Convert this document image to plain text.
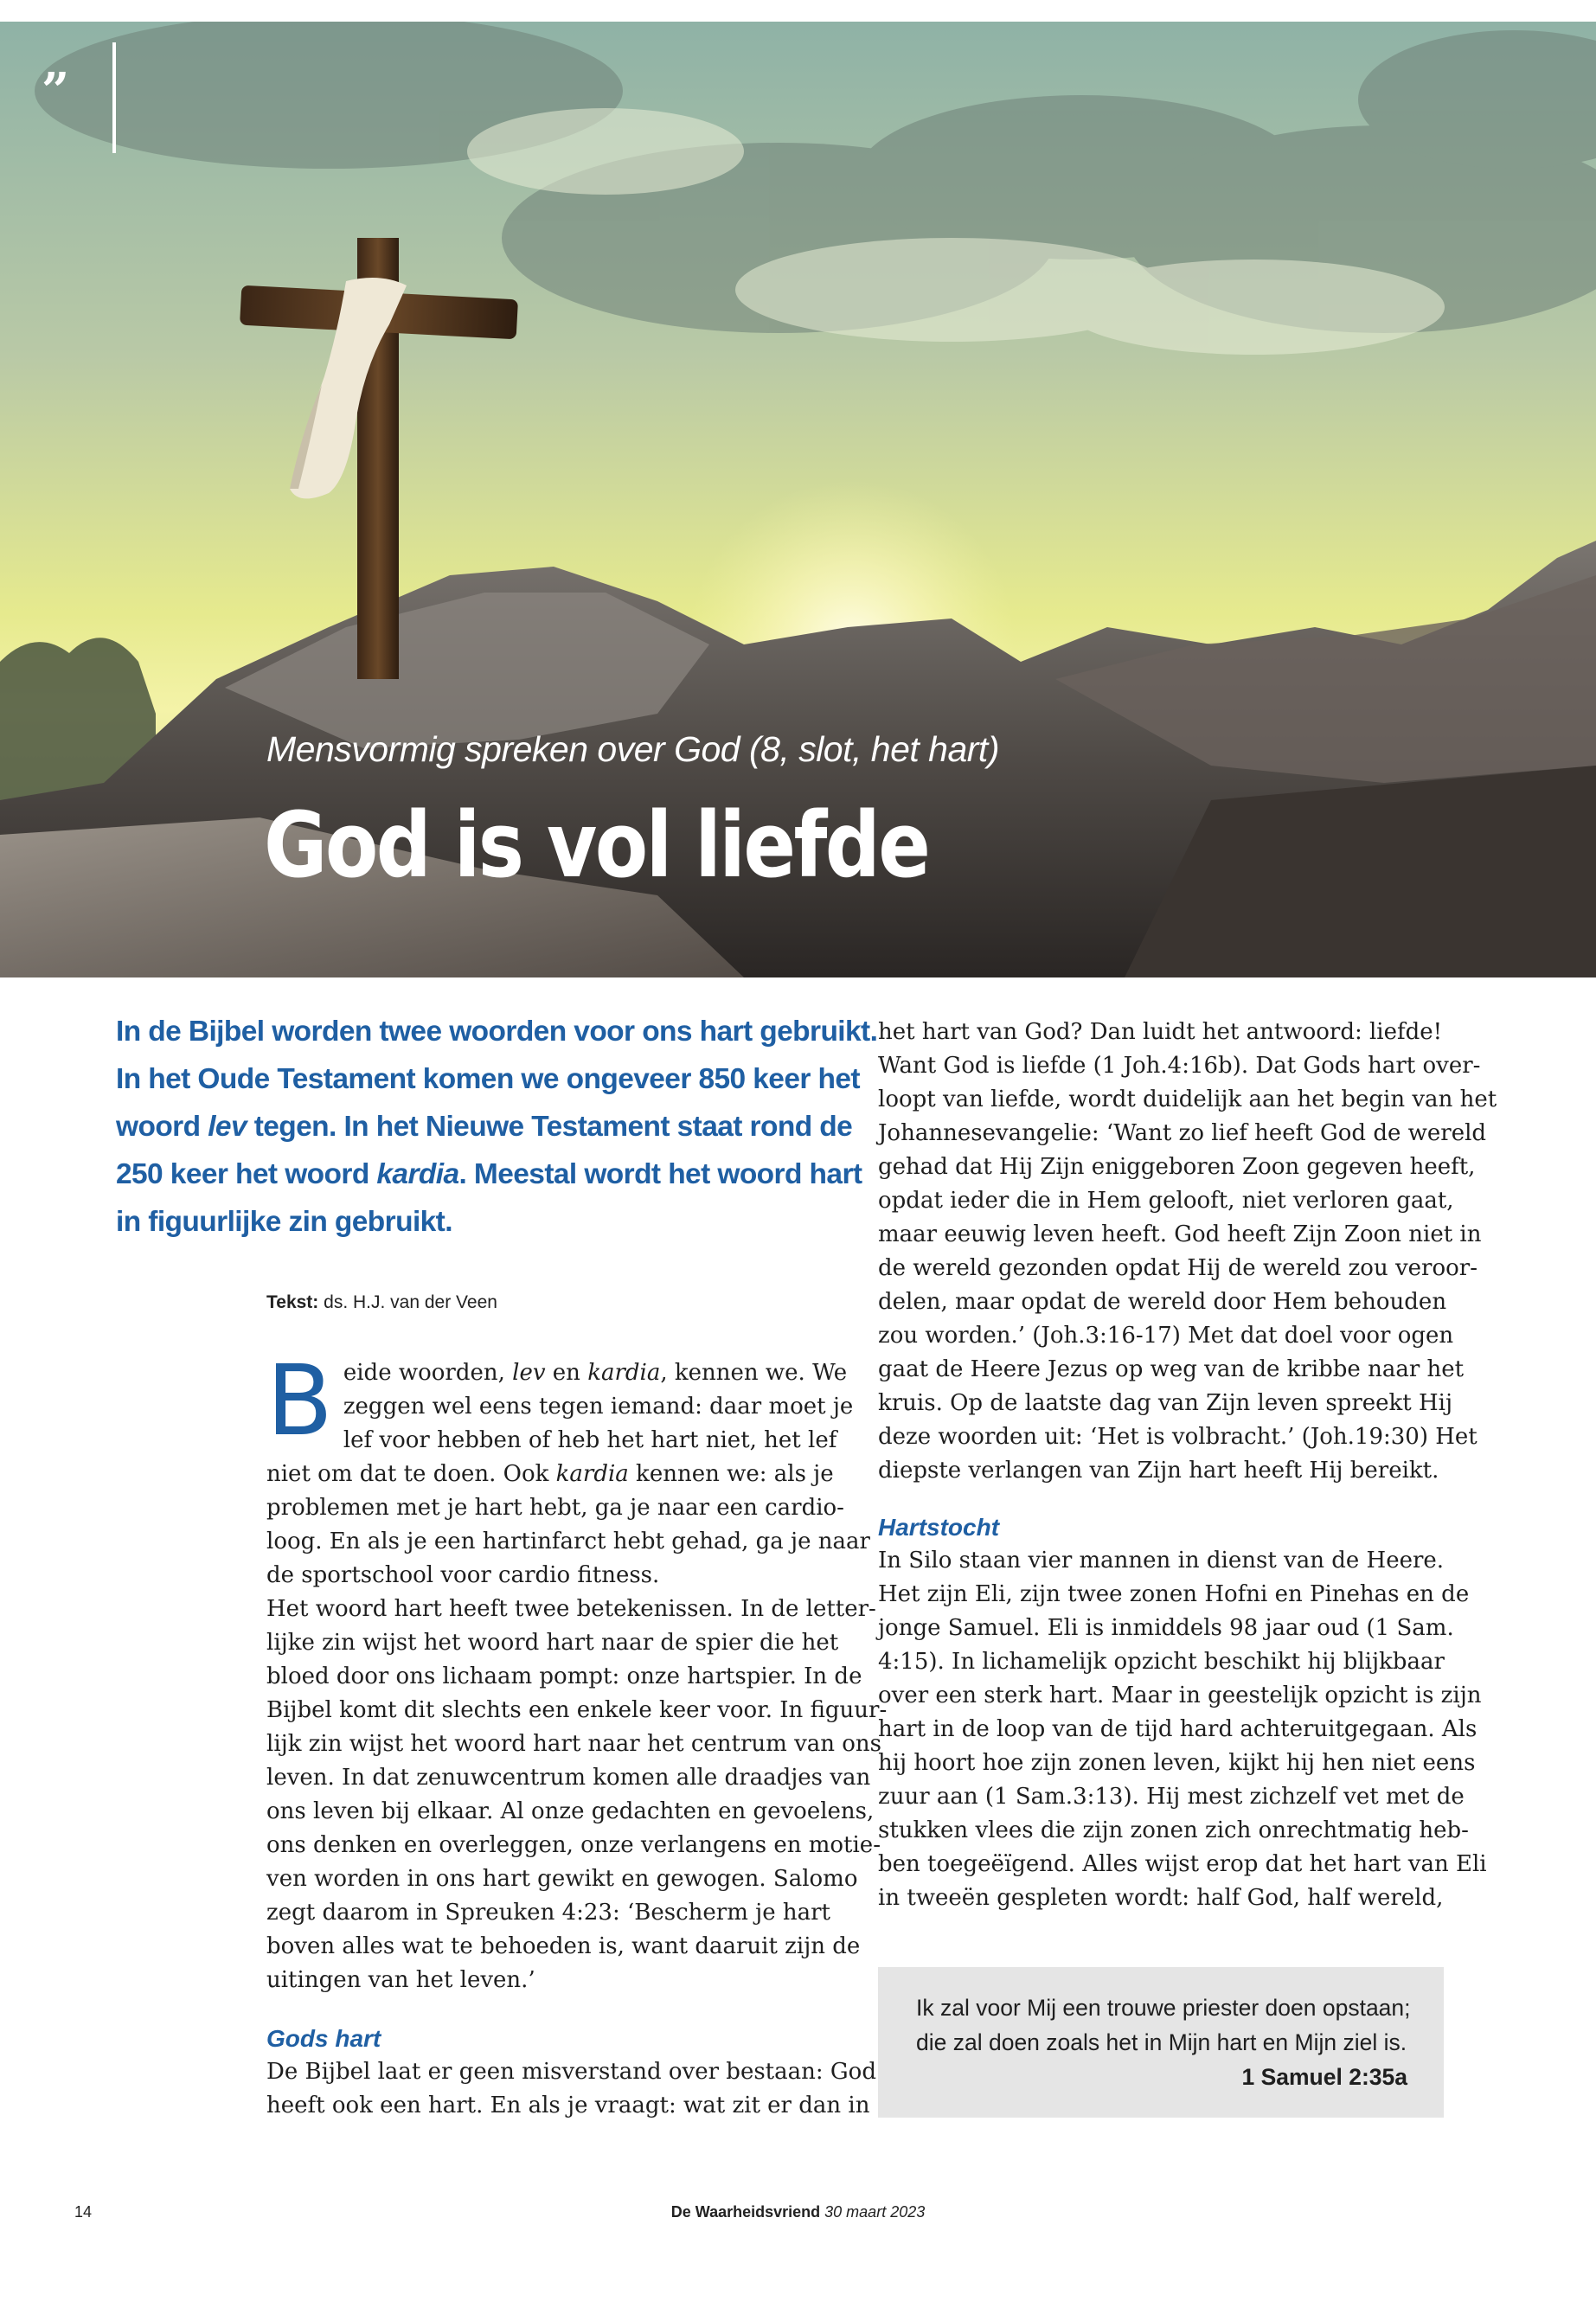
”
Mensvormig spreken over God (8, slot, het hart)
God is vol liefde

In de Bijbel worden twee woorden voor ons hart gebruikt.
In het Oude Testament komen we ongeveer 850 keer het
woord lev tegen. In het Nieuwe Testament staat rond de
250 keer het woord kardia. Meestal wordt het woord hart
in figuurlijke zin gebruikt.

Tekst: ds. H.J. van der Veen

B eide woorden, lev en kardia, kennen we. We
zeggen wel eens tegen iemand: daar moet je
lef voor hebben of heb het hart niet, het lef
niet om dat te doen. Ook kardia kennen we: als je
problemen met je hart hebt, ga je naar een cardio-
loog. En als je een hartinfarct hebt gehad, ga je naar
de sportschool voor cardio fitness.

Het woord hart heeft twee betekenissen. In de letter-
lijke zin wijst het woord hart naar de spier die het
bloed door ons lichaam pompt: onze hartspier. In de
Bijbel komt dit slechts een enkele keer voor. In figuur-
lijk zin wijst het woord hart naar het centrum van ons
leven. In dat zenuwcentrum komen alle draadjes van
ons leven bij elkaar. Al onze gedachten en gevoelens,
ons denken en overleggen, onze verlangens en motie-
ven worden in ons hart gewikt en gewogen. Salomo
zegt daarom in Spreuken 4:23: ‘Bescherm je hart
boven alles wat te behoeden is, want daaruit zijn de
uitingen van het leven.’

Gods hart

De Bijbel laat er geen misverstand over bestaan: God
heeft ook een hart. En als je vraagt: wat zit er dan in

het hart van God? Dan luidt het antwoord: liefde!
Want God is liefde (1 Joh.4:16b). Dat Gods hart over-
loopt van liefde, wordt duidelijk aan het begin van het
Johannesevangelie: ‘Want zo lief heeft God de wereld
gehad dat Hij Zijn eniggeboren Zoon gegeven heeft,
opdat ieder die in Hem gelooft, niet verloren gaat,
maar eeuwig leven heeft. God heeft Zijn Zoon niet in
de wereld gezonden opdat Hij de wereld zou veroor-
delen, maar opdat de wereld door Hem behouden
zou worden.’ (Joh.3:16-17) Met dat doel voor ogen
gaat de Heere Jezus op weg van de kribbe naar het
kruis. Op de laatste dag van Zijn leven spreekt Hij
deze woorden uit: ‘Het is volbracht.’ (Joh.19:30) Het
diepste verlangen van Zijn hart heeft Hij bereikt.

Hartstocht

In Silo staan vier mannen in dienst van de Heere.
Het zijn Eli, zijn twee zonen Hofni en Pinehas en de
jonge Samuel. Eli is inmiddels 98 jaar oud (1 Sam.
4:15). In lichamelijk opzicht beschikt hij blijkbaar
over een sterk hart. Maar in geestelijk opzicht is zijn
hart in de loop van de tijd hard achteruitgegaan. Als
hij hoort hoe zijn zonen leven, kijkt hij hen niet eens
zuur aan (1 Sam.3:13). Hij mest zichzelf vet met de
stukken vlees die zijn zonen zich onrechtmatig heb-
ben toegeëïgend. Alles wijst erop dat het hart van Eli
in tweeën gespleten wordt: half God, half wereld,

Ik zal voor Mij een trouwe priester doen opstaan;
die zal doen zoals het in Mijn hart en Mijn ziel is.
1 Samuel 2:35a
14	De Waarheidsvriend 30 maart 2023
